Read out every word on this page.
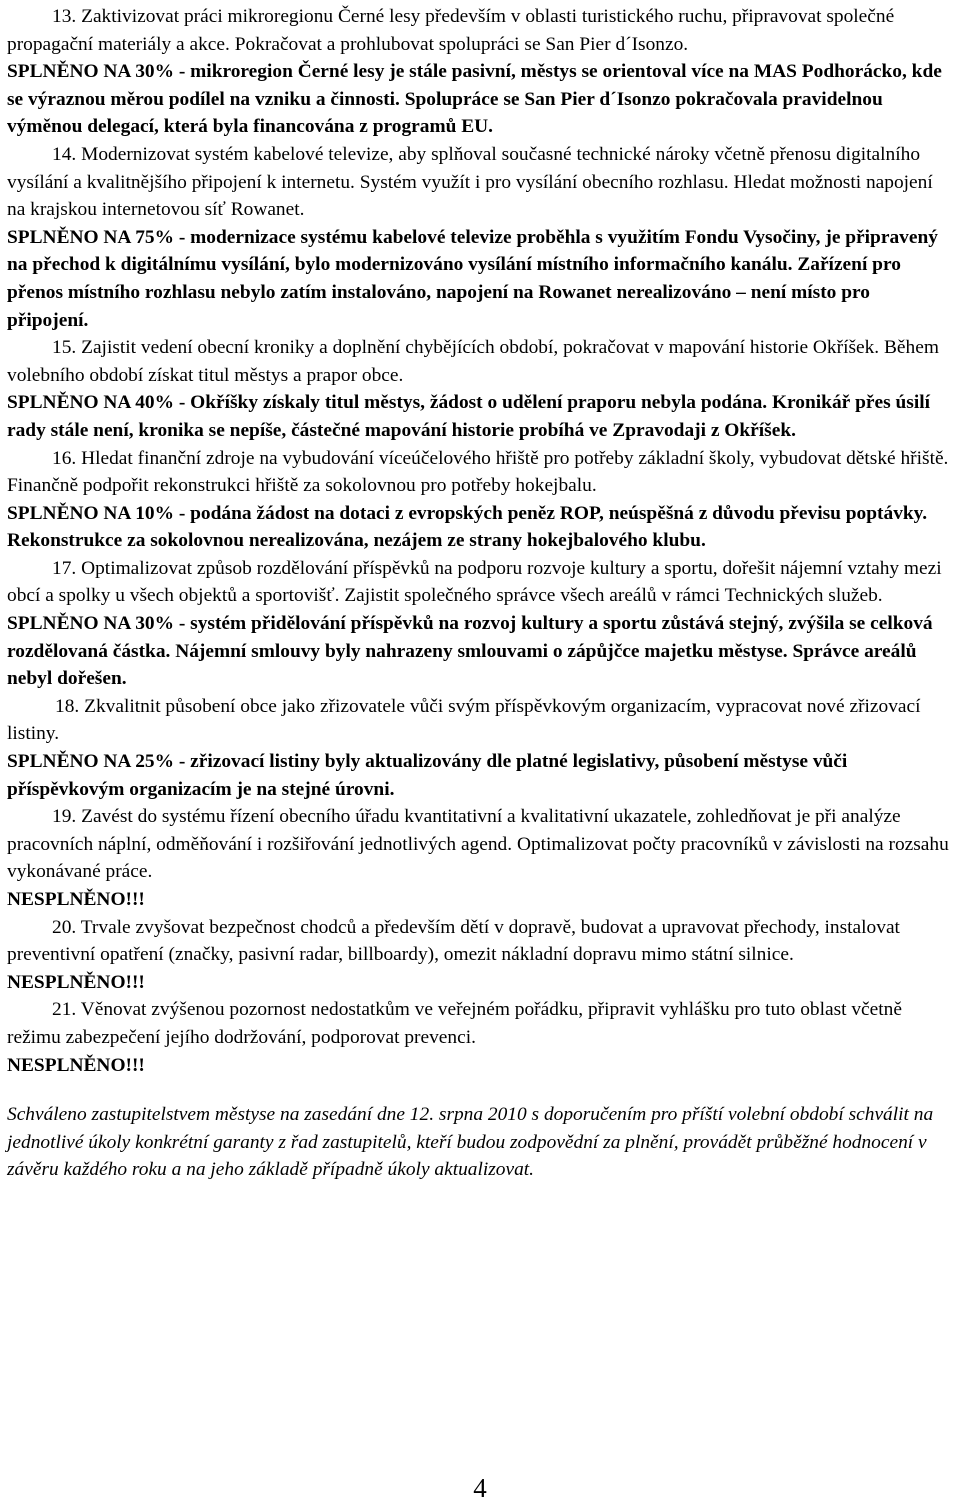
13. Zaktivizovat práci mikroregionu Černé lesy především v oblasti turistického ruchu, připravovat společné propagační materiály a akce. Pokračovat a prohlubovat spolupráci se San Pier d´Isonzo.

SPLNĚNO NA 30% - mikroregion Černé lesy je stále pasivní, městys se orientoval více na MAS Podhorácko, kde se výraznou měrou podílel na vzniku a činnosti. Spolupráce se San Pier d´Isonzo pokračovala pravidelnou výměnou delegací, která byla financována z programů EU.

14. Modernizovat systém kabelové televize, aby splňoval současné technické nároky včetně přenosu digitalního vysílání a kvalitnějšího připojení k internetu. Systém využít i pro vysílání obecního rozhlasu. Hledat možnosti napojení na krajskou internetovou síť Rowanet.

SPLNĚNO NA 75% - modernizace systému kabelové televize proběhla s využitím Fondu Vysočiny, je připravený na přechod k digitálnímu vysílání, bylo modernizováno vysílání místního informačního kanálu. Zařízení pro přenos místního rozhlasu nebylo zatím instalováno, napojení na Rowanet nerealizováno – není místo pro připojení.

15. Zajistit vedení obecní kroniky a doplnění chybějících období, pokračovat v mapování historie Okříšek. Během volebního období získat titul městys a prapor obce.

SPLNĚNO NA 40% - Okříšky získaly titul městys, žádost o udělení praporu nebyla podána. Kronikář přes úsilí rady stále není, kronika se nepíše, částečné mapování historie probíhá ve Zpravodaji z Okříšek.

16. Hledat finanční zdroje na vybudování víceúčelového hřiště pro potřeby základní školy, vybudovat dětské hřiště. Finančně podpořit rekonstrukci hřiště za sokolovnou pro potřeby hokejbalu.

SPLNĚNO NA 10% - podána žádost na dotaci z evropských peněz ROP, neúspěšná z důvodu převisu poptávky. Rekonstrukce za sokolovnou nerealizována, nezájem ze strany hokejbalového klubu.

17. Optimalizovat způsob rozdělování příspěvků na podporu rozvoje kultury a sportu, dořešit nájemní vztahy mezi obcí a spolky u všech objektů a sportovišť. Zajistit společného správce všech areálů v rámci Technických služeb.

SPLNĚNO NA 30% - systém přidělování příspěvků na rozvoj kultury a sportu zůstává stejný, zvýšila se celková rozdělovaná částka. Nájemní smlouvy byly nahrazeny smlouvami o zápůjčce majetku městyse. Správce areálů nebyl dořešen.

18. Zkvalitnit působení obce jako zřizovatele vůči svým příspěvkovým organizacím, vypracovat nové zřizovací listiny.

SPLNĚNO NA 25% - zřizovací listiny byly aktualizovány dle platné legislativy, působení městyse vůči příspěvkovým organizacím je na stejné úrovni.

19. Zavést do systému řízení obecního úřadu kvantitativní a kvalitativní ukazatele, zohledňovat je při analýze pracovních náplní, odměňování i rozšiřování jednotlivých agend. Optimalizovat počty pracovníků v závislosti na rozsahu vykonávané práce.

NESPLNĚNO!!!

20. Trvale zvyšovat bezpečnost chodců a především dětí v dopravě, budovat a upravovat přechody, instalovat preventivní opatření (značky, pasivní radar, billboardy), omezit nákladní dopravu mimo státní silnice.

NESPLNĚNO!!!

21. Věnovat zvýšenou pozornost nedostatkům ve veřejném pořádku, připravit vyhlášku pro tuto oblast včetně režimu zabezpečení jejího dodržování, podporovat prevenci.

NESPLNĚNO!!!

Schváleno zastupitelstvem městyse na zasedání dne 12. srpna 2010 s doporučením pro příští volební období schválit na jednotlivé úkoly konkrétní garanty z řad zastupitelů, kteří budou zodpovědní za plnění, provádět průběžné hodnocení v závěru každého roku a na jeho základě případně úkoly aktualizovat.

4
